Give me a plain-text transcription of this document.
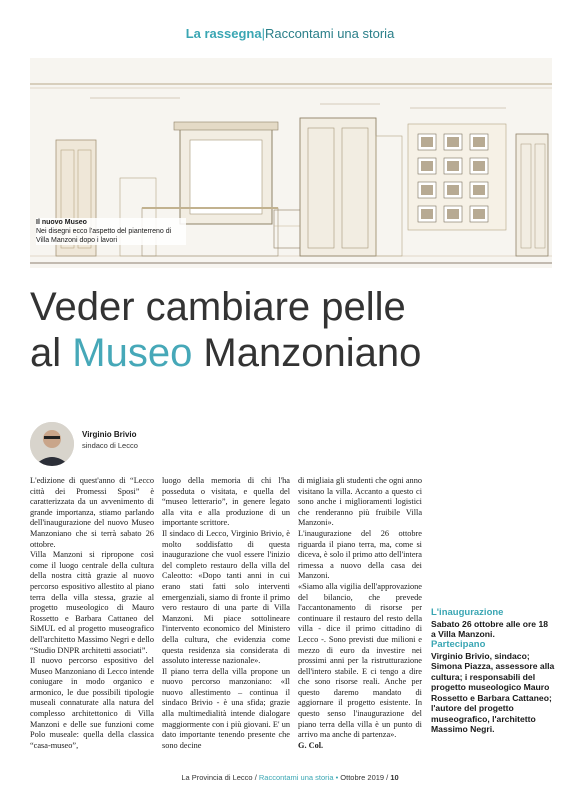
La rassegna|Raccontami una storia
Il nuovo Museo
Nei disegni ecco l'aspetto del pianterreno di Villa Manzoni dopo i lavori
Veder cambiare pelle
al Museo Manzoniano
Virginio Brivio
sindaco di Lecco

L'edizione di quest'anno di “Lecco città dei Promessi Sposi” è caratterizzata da un avvenimento di grande importanza, stiamo parlando dell'inaugurazione del nuovo Museo Manzoniano che si terrà sabato 26 ottobre.

Villa Manzoni si ripropone così come il luogo centrale della cultura della nostra città grazie al nuovo percorso espositivo allestito al piano terra della villa stessa, grazie al progetto museologico di Mauro Rossetto e Barbara Cattaneo del SiMUL ed al progetto museografico dell'architetto Massimo Negri e dello “Studio DNPR architetti associati”.

Il nuovo percorso espositivo del Museo Manzoniano di Lecco intende coniugare in modo organico e armonico, le due possibili tipologie museali connaturate alla natura del complesso architettonico di Villa Manzoni e delle sue funzioni come Polo museale: quella della classica “casa-museo”,

luogo della memoria di chi l'ha posseduta o visitata, e quella del “museo letterario”, in genere legato alla vita e alla produzione di un importante scrittore.

Il sindaco di Lecco, Virginio Brivio, è molto soddisfatto di questa inaugurazione che vuol essere l'inizio del completo restauro della villa del Caleotto: «Dopo tanti anni in cui erano stati fatti solo interventi emergenziali, siamo di fronte il primo vero restauro di una parte di Villa Manzoni. Mi piace sottolineare l'intervento economico del Ministero della cultura, che evidenzia come questa residenza sia considerata di assoluto interesse nazionale».

Il piano terra della villa propone un nuovo percorso manzoniano: «Il nuovo allestimento – continua il sindaco Brivio - è una sfida; grazie alla multimedialità intende dialogare maggiormente con i più giovani. E' un dato importante tenendo presente che sono decine

di migliaia gli studenti che ogni anno visitano la villa. Accanto a questo ci sono anche i miglioramenti logistici che renderanno più fruibile Villa Manzoni».

L'inaugurazione del 26 ottobre riguarda il piano terra, ma, come si diceva, è solo il primo atto dell'intera rimessa a nuovo della casa dei Manzoni.

«Siamo alla vigilia dell'approvazione del bilancio, che prevede l'accantonamento di risorse per continuare il restauro del resto della villa - dice il primo cittadino di Lecco -. Sono previsti due milioni e mezzo di euro da investire nei prossimi anni per la ristrutturazione dell'intero stabile. E ci tengo a dire che sono risorse reali. Anche per questo daremo mandato di aggiornare il progetto esistente. In questo senso l'inaugurazione del piano terra della villa è un punto di arrivo ma anche di partenza».

G. Col.

L'inaugurazione
Sabato 26 ottobre alle ore 18 a Villa Manzoni.
Partecipano
Virginio Brivio, sindaco; Simona Piazza, assessore alla cultura; i responsabili del progetto museologico Mauro Rossetto e Barbara Cattaneo; l'autore del progetto museografico, l'architetto Massimo Negri.
La Provincia di Lecco / Raccontami una storia • Ottobre 2019 / 10
